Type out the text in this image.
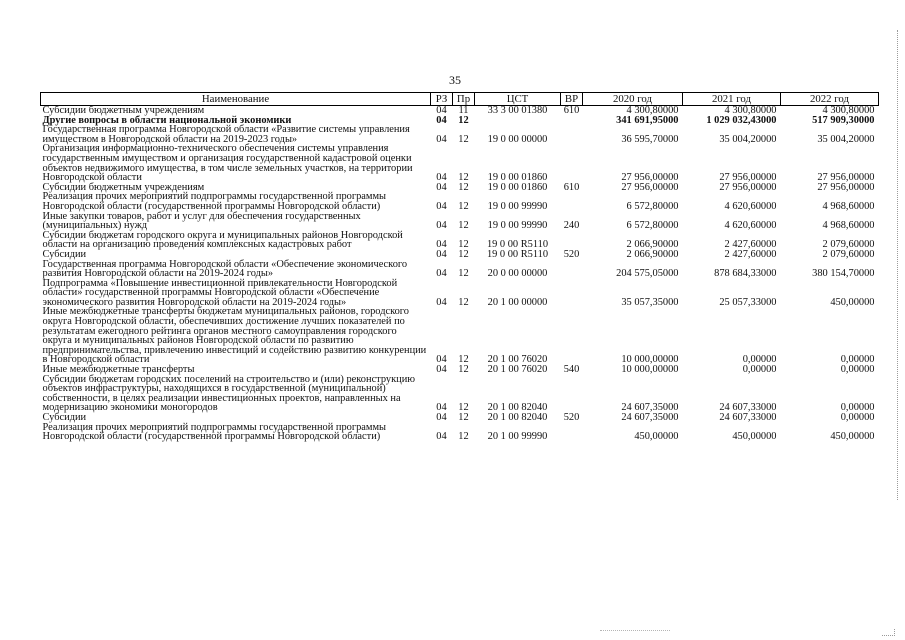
35
Наименование	РЗ	Пр	ЦСТ	ВР	2020 год	2021 год	2022 год
Субсидии бюджетным учреждениям	04	11	33 3 00 01380	610	4 300,80000	4 300,80000	4 300,80000
Другие вопросы в области национальной экономики	04	12			341 691,95000	1 029 032,43000	517 909,30000
Государственная программа Новгородской области «Развитие системы управления имуществом в Новгородской области на 2019-2023 годы»	04	12	19 0 00 00000		36 595,70000	35 004,20000	35 004,20000
Организация информационно-технического обеспечения системы управления государственным имуществом и организация государственной кадастровой оценки объектов недвижимого имущества, в том числе земельных участков, на территории Новгородской области	04	12	19 0 00 01860		27 956,00000	27 956,00000	27 956,00000
Субсидии бюджетным учреждениям	04	12	19 0 00 01860	610	27 956,00000	27 956,00000	27 956,00000
Реализация прочих мероприятий подпрограммы государственной программы Новгородской области (государственной программы Новгородской области)	04	12	19 0 00 99990		6 572,80000	4 620,60000	4 968,60000
Иные закупки товаров, работ и услуг для обеспечения государственных (муниципальных) нужд	04	12	19 0 00 99990	240	6 572,80000	4 620,60000	4 968,60000
Субсидии бюджетам городского округа и муниципальных районов Новгородской области на организацию проведения комплексных кадастровых работ	04	12	19 0 00 R5110		2 066,90000	2 427,60000	2 079,60000
Субсидии	04	12	19 0 00 R5110	520	2 066,90000	2 427,60000	2 079,60000
Государственная программа Новгородской области «Обеспечение экономического развития Новгородской области на 2019-2024 годы»	04	12	20 0 00 00000		204 575,05000	878 684,33000	380 154,70000
Подпрограмма «Повышение инвестиционной привлекательности Новгородской области» государственной программы Новгородской области «Обеспечение экономического развития Новгородской области на 2019-2024 годы»	04	12	20 1 00 00000		35 057,35000	25 057,33000	450,00000
Иные межбюджетные трансферты бюджетам муниципальных районов, городского округа Новгородской области, обеспечивших достижение лучших показателей по результатам ежегодного рейтинга органов местного самоуправления городского округа и муниципальных районов Новгородской области по развитию предпринимательства, привлечению инвестиций и содействию развитию конкуренции в Новгородской области	04	12	20 1 00 76020		10 000,00000	0,00000	0,00000
Иные межбюджетные трансферты	04	12	20 1 00 76020	540	10 000,00000	0,00000	0,00000
Субсидии бюджетам городских поселений на строительство и (или) реконструкцию объектов инфраструктуры, находящихся в государственной (муниципальной) собственности, в целях реализации инвестиционных проектов, направленных на модернизацию экономики моногородов	04	12	20 1 00 82040		24 607,35000	24 607,33000	0,00000
Субсидии	04	12	20 1 00 82040	520	24 607,35000	24 607,33000	0,00000
Реализация прочих мероприятий подпрограммы государственной программы Новгородской области (государственной программы Новгородской области)	04	12	20 1 00 99990		450,00000	450,00000	450,00000
